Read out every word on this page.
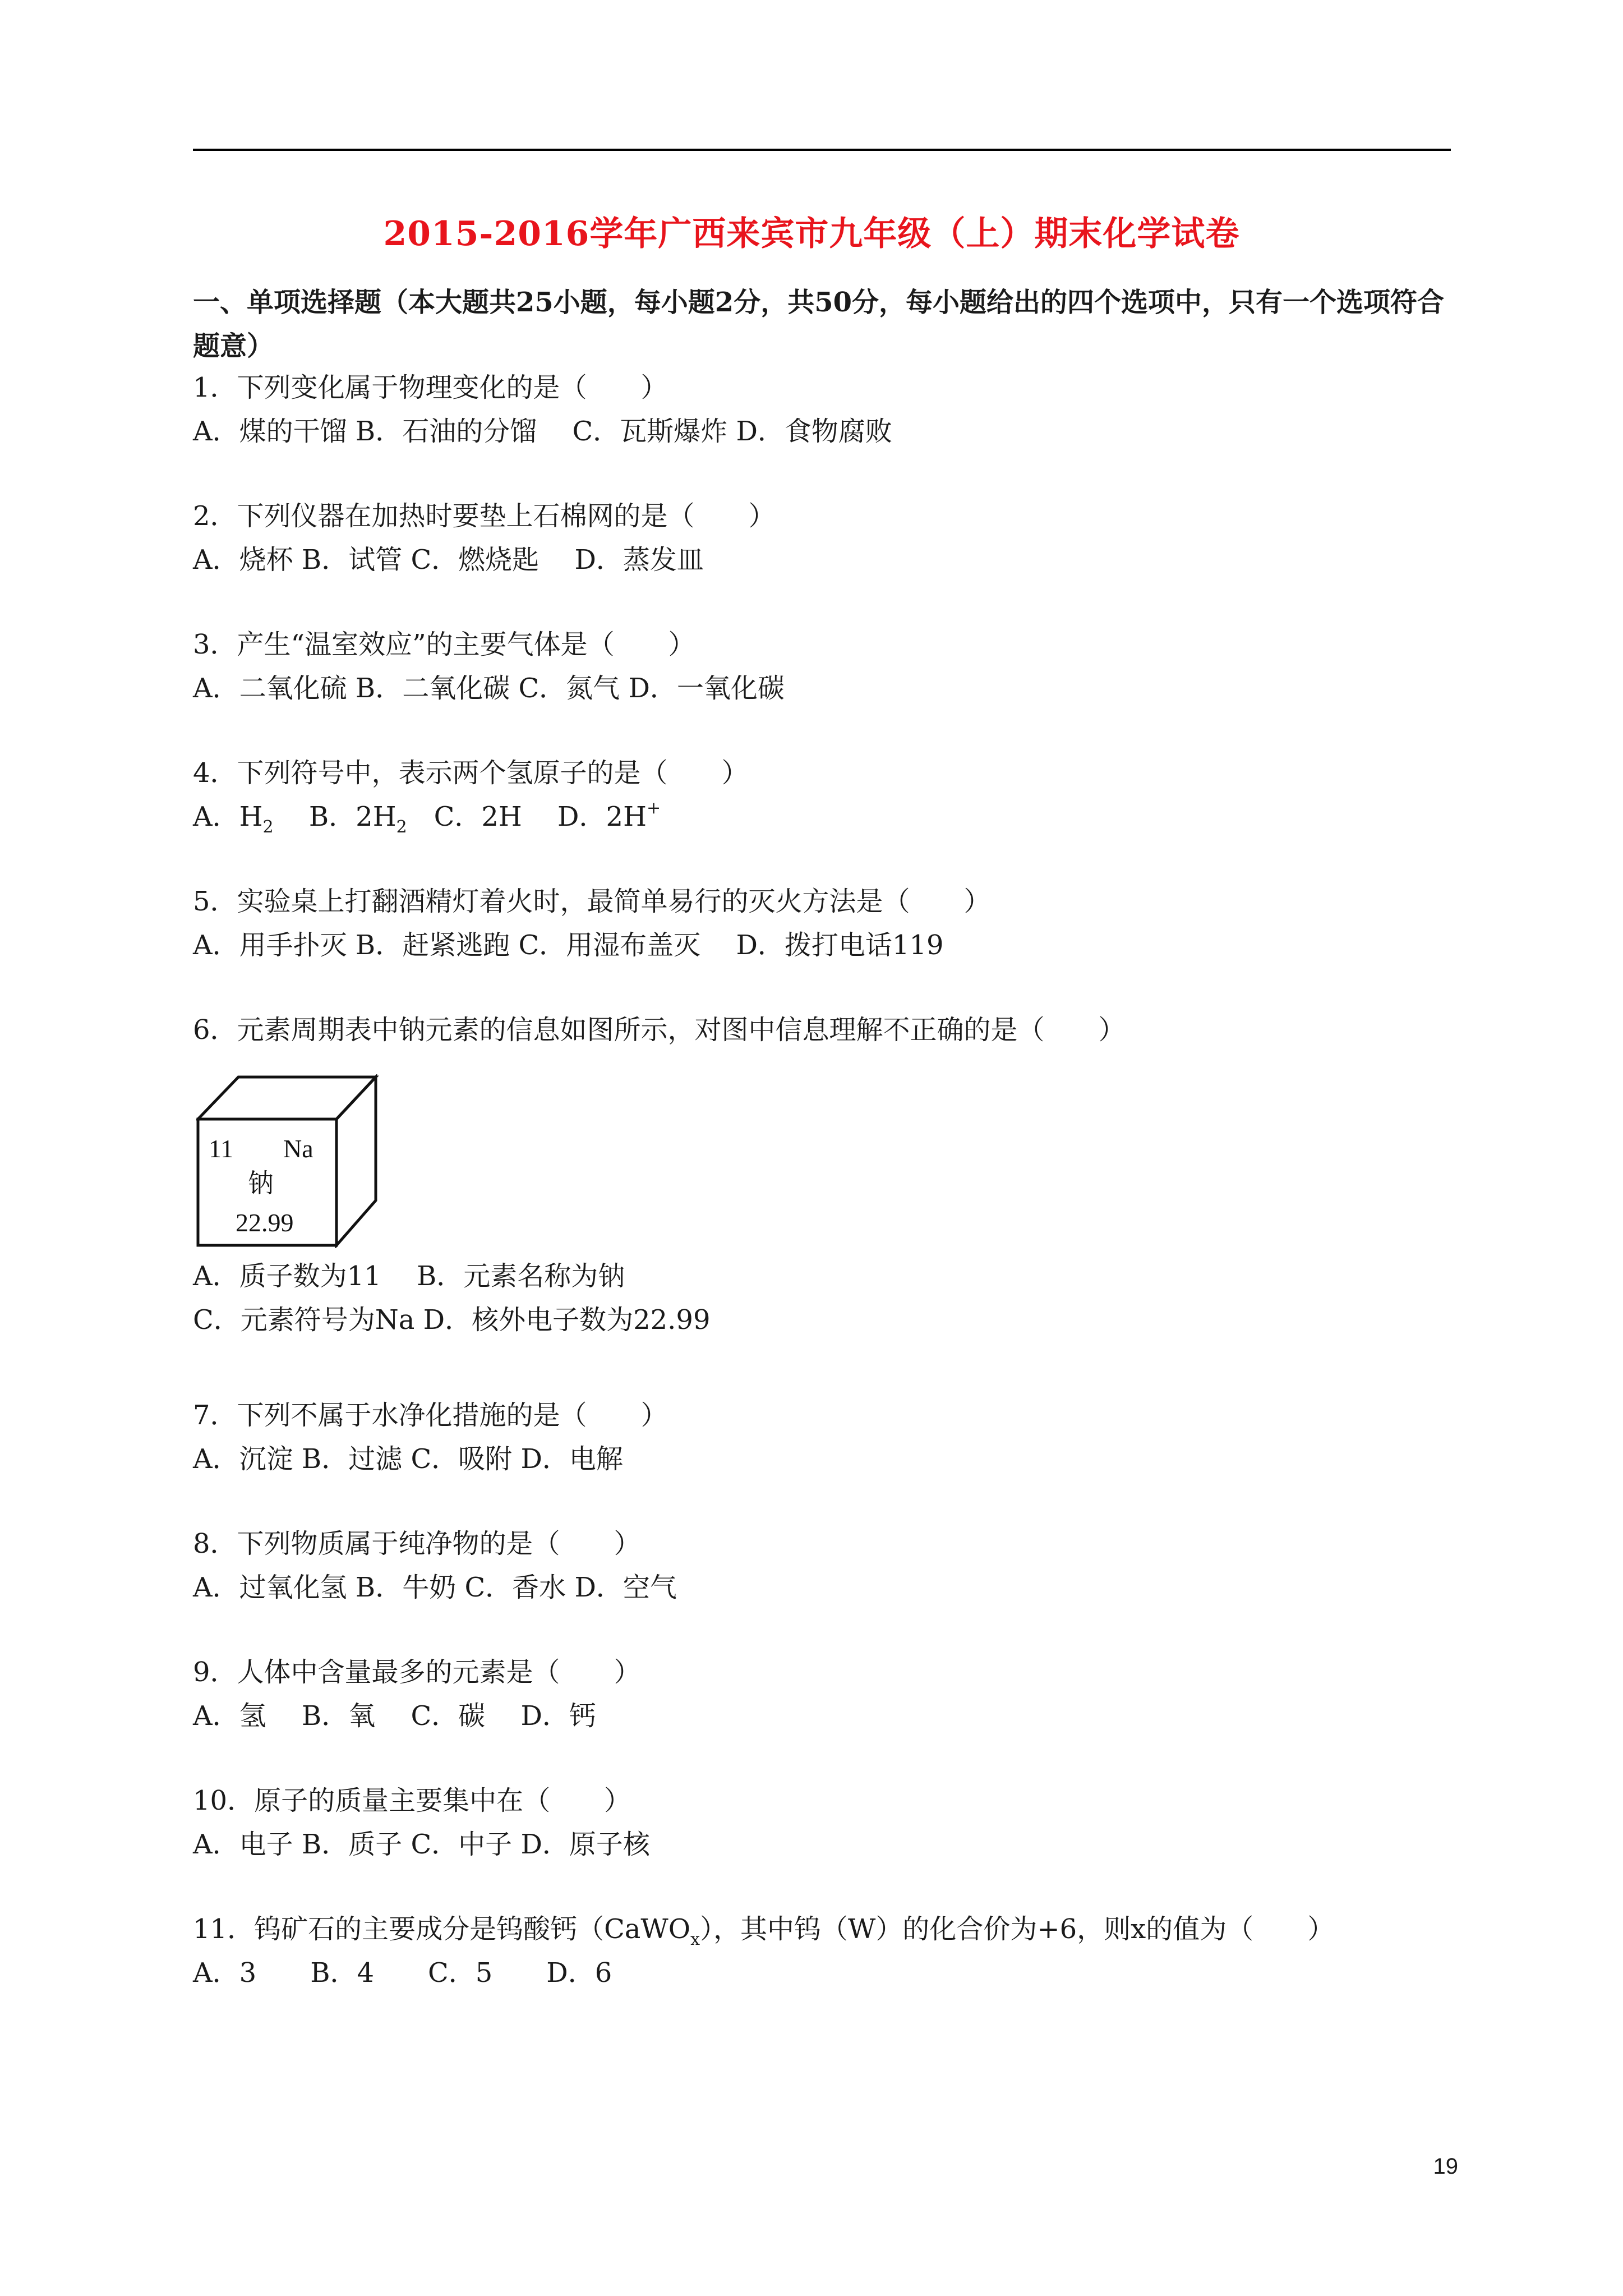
2015-2016学年广西来宾市九年级（上）期末化学试卷
一、单项选择题（本大题共25小题，每小题2分，共50分，每小题给出的四个选项中，只有一个选项符合题意）
1．下列变化属于物理变化的是（　　）
A．煤的干馏 B．石油的分馏　 C．瓦斯爆炸 D．食物腐败
2．下列仪器在加热时要垫上石棉网的是（　　）
A．烧杯 B．试管 C．燃烧匙　 D．蒸发皿
3．产生“温室效应”的主要气体是（　　）
A．二氧化硫 B．二氧化碳 C．氮气 D．一氧化碳
4．下列符号中，表示两个氢原子的是（　　）
A．$H_2$　 B．$2H_2$　C．2H　 D．2H+
5．实验桌上打翻酒精灯着火时，最简单易行的灭火方法是（　　）
A．用手扑灭 B．赶紧逃跑 C．用湿布盖灭　 D．拨打电话119
6．元素周期表中钠元素的信息如图所示，对图中信息理解不正确的是（　　）
11 Na
钠
22.99
A．质子数为11　 B．元素名称为钠
C．元素符号为Na D．核外电子数为22.99
7．下列不属于水净化措施的是（　　）
A．沉淀 B．过滤 C．吸附 D．电解
8．下列物质属于纯净物的是（　　）
A．过氧化氢 B．牛奶 C．香水 D．空气
9．人体中含量最多的元素是（　　）
A．氢　 B．氧　 C．碳　 D．钙
10．原子的质量主要集中在（　　）
A．电子 B．质子 C．中子 D．原子核
11．钨矿石的主要成分是钨酸钙（CaWO$_x$），其中钨（W）的化合价为+6，则x的值为（　　）
A．3　　B．4　　C．5　　D．6
19
